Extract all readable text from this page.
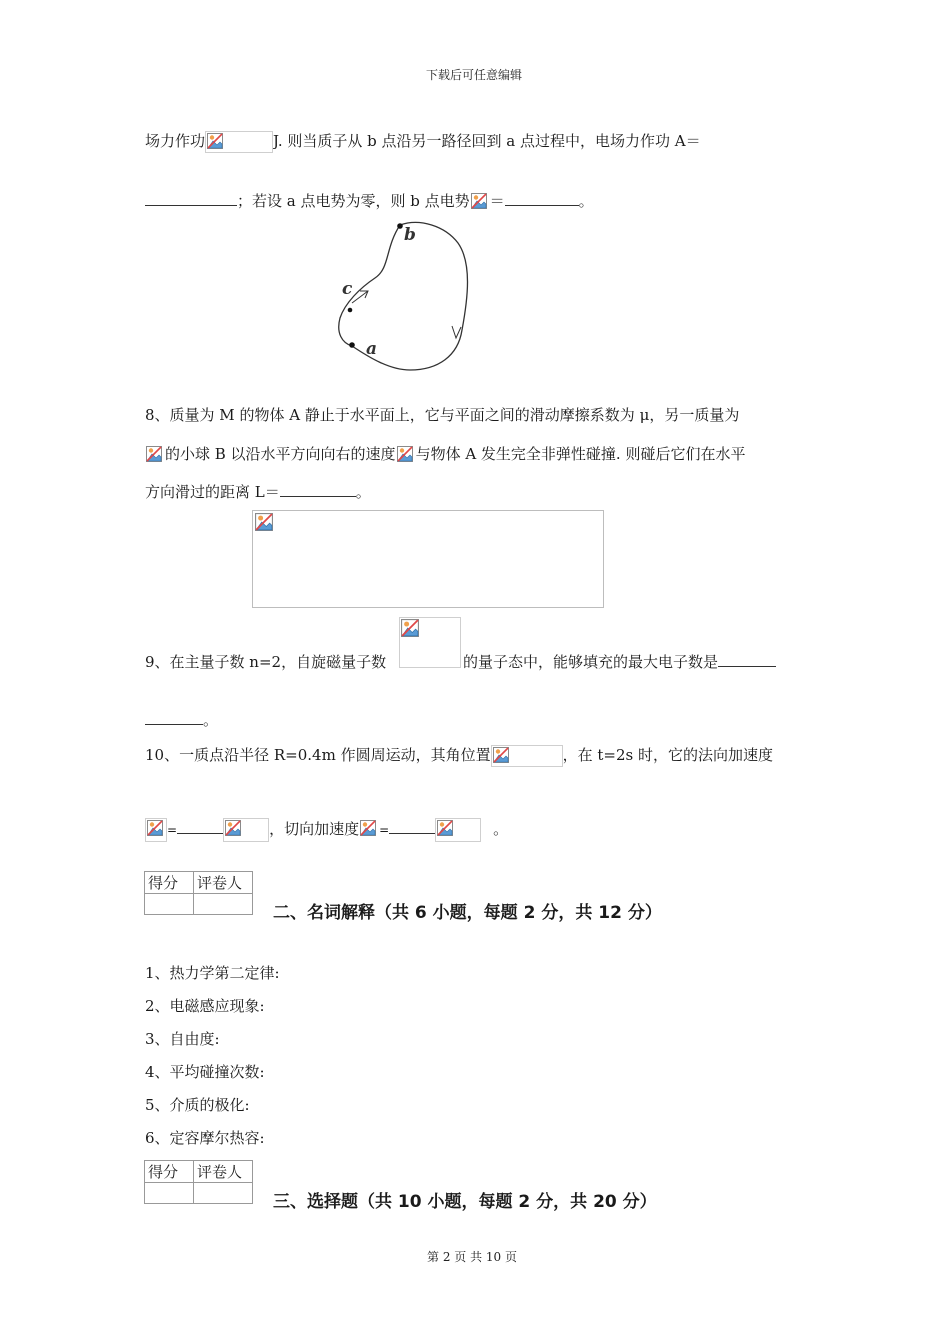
下载后可任意编辑
场力作功	J. 则当质子从 b 点沿另一路径回到 a 点过程中，电场力作功 A＝
；若设 a 点电势为零，则 b 点电势 ＝	。
b
c
a
8、质量为 M 的物体 A 静止于水平面上，它与平面之间的滑动摩擦系数为 μ，另一质量为
的小球 B 以沿水平方向向右的速度 与物体 A 发生完全非弹性碰撞. 则碰后它们在水平
方向滑过的距离 L＝	。
9、在主量子数 n=2，自旋磁量子数	的量子态中，能够填充的最大电子数是
。
10、一质点沿半径 R=0.4m 作圆周运动，其角位置	，在 t=2s 时，它的法向加速度
=	，切向加速度 =	。
得分	评卷人

二、名词解释（共 6 小题，每题 2 分，共 12 分）
1、热力学第二定律:
2、电磁感应现象:
3、自由度:
4、平均碰撞次数:
5、介质的极化:
6、定容摩尔热容:
得分	评卷人

三、选择题（共 10 小题，每题 2 分，共 20 分）
第 2 页 共 10 页
